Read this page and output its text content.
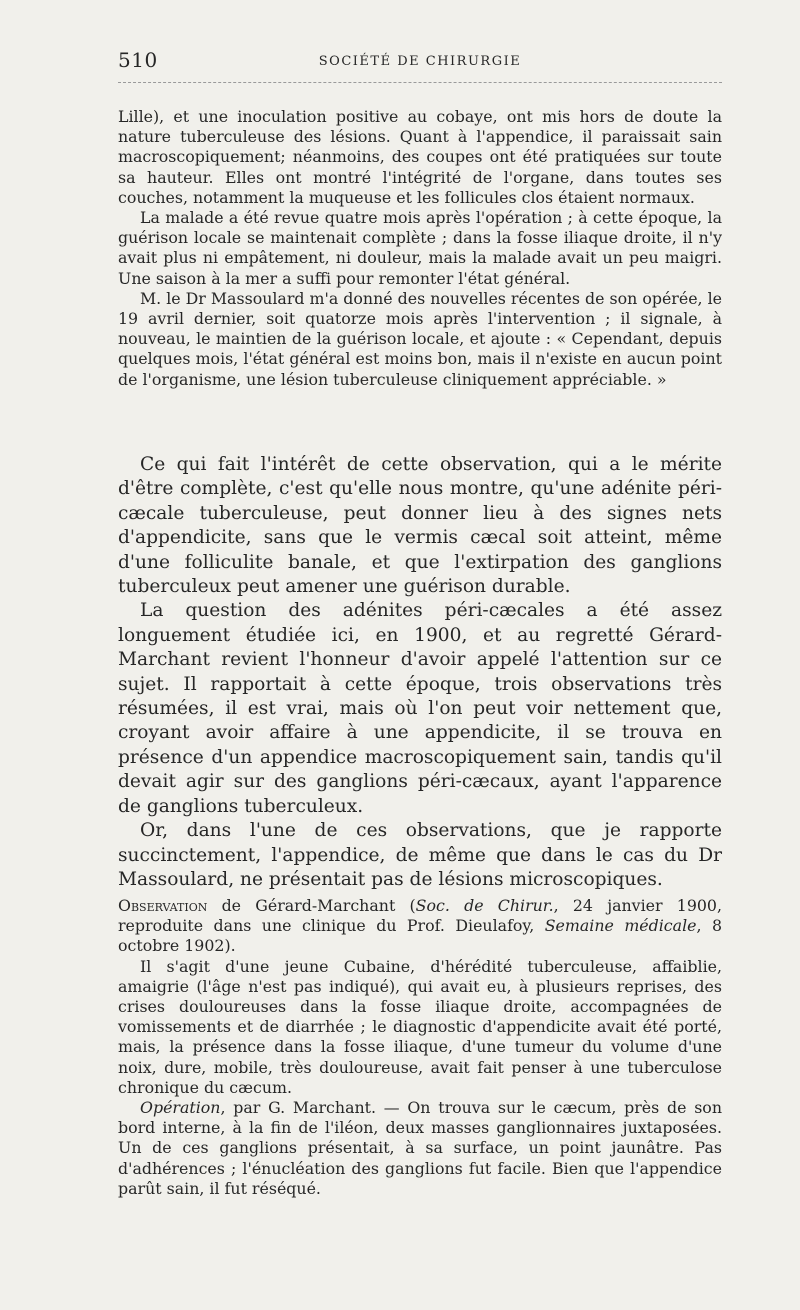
510	SOCIÉTÉ DE CHIRURGIE

Lille), et une inoculation positive au cobaye, ont mis hors de doute la nature tuberculeuse des lésions. Quant à l'appendice, il paraissait sain macroscopiquement; néanmoins, des coupes ont été pratiquées sur toute sa hauteur. Elles ont montré l'intégrité de l'organe, dans toutes ses couches, notamment la muqueuse et les follicules clos étaient normaux.

La malade a été revue quatre mois après l'opération ; à cette époque, la guérison locale se maintenait complète ; dans la fosse iliaque droite, il n'y avait plus ni empâtement, ni douleur, mais la malade avait un peu maigri. Une saison à la mer a suffi pour remonter l'état général.

M. le Dr Massoulard m'a donné des nouvelles récentes de son opérée, le 19 avril dernier, soit quatorze mois après l'intervention ; il signale, à nouveau, le maintien de la guérison locale, et ajoute : « Cependant, depuis quelques mois, l'état général est moins bon, mais il n'existe en aucun point de l'organisme, une lésion tuberculeuse cliniquement appréciable. »

Ce qui fait l'intérêt de cette observation, qui a le mérite d'être complète, c'est qu'elle nous montre, qu'une adénite péri-cæcale tuberculeuse, peut donner lieu à des signes nets d'appendicite, sans que le vermis cæcal soit atteint, même d'une folliculite banale, et que l'extirpation des ganglions tuberculeux peut amener une guérison durable.

La question des adénites péri-cæcales a été assez longuement étudiée ici, en 1900, et au regretté Gérard-Marchant revient l'honneur d'avoir appelé l'attention sur ce sujet. Il rapportait à cette époque, trois observations très résumées, il est vrai, mais où l'on peut voir nettement que, croyant avoir affaire à une appendicite, il se trouva en présence d'un appendice macroscopiquement sain, tandis qu'il devait agir sur des ganglions péri-cæcaux, ayant l'apparence de ganglions tuberculeux.

Or, dans l'une de ces observations, que je rapporte succinctement, l'appendice, de même que dans le cas du Dr Massoulard, ne présentait pas de lésions microscopiques.

Observation de Gérard-Marchant (Soc. de Chirur., 24 janvier 1900, reproduite dans une clinique du Prof. Dieulafoy, Semaine médicale, 8 octobre 1902).

Il s'agit d'une jeune Cubaine, d'hérédité tuberculeuse, affaiblie, amaigrie (l'âge n'est pas indiqué), qui avait eu, à plusieurs reprises, des crises douloureuses dans la fosse iliaque droite, accompagnées de vomissements et de diarrhée ; le diagnostic d'appendicite avait été porté, mais, la présence dans la fosse iliaque, d'une tumeur du volume d'une noix, dure, mobile, très douloureuse, avait fait penser à une tuberculose chronique du cæcum.

Opération, par G. Marchant. — On trouva sur le cæcum, près de son bord interne, à la fin de l'iléon, deux masses ganglionnaires juxtaposées. Un de ces ganglions présentait, à sa surface, un point jaunâtre. Pas d'adhérences ; l'énucléation des ganglions fut facile. Bien que l'appendice parût sain, il fut réséqué.
